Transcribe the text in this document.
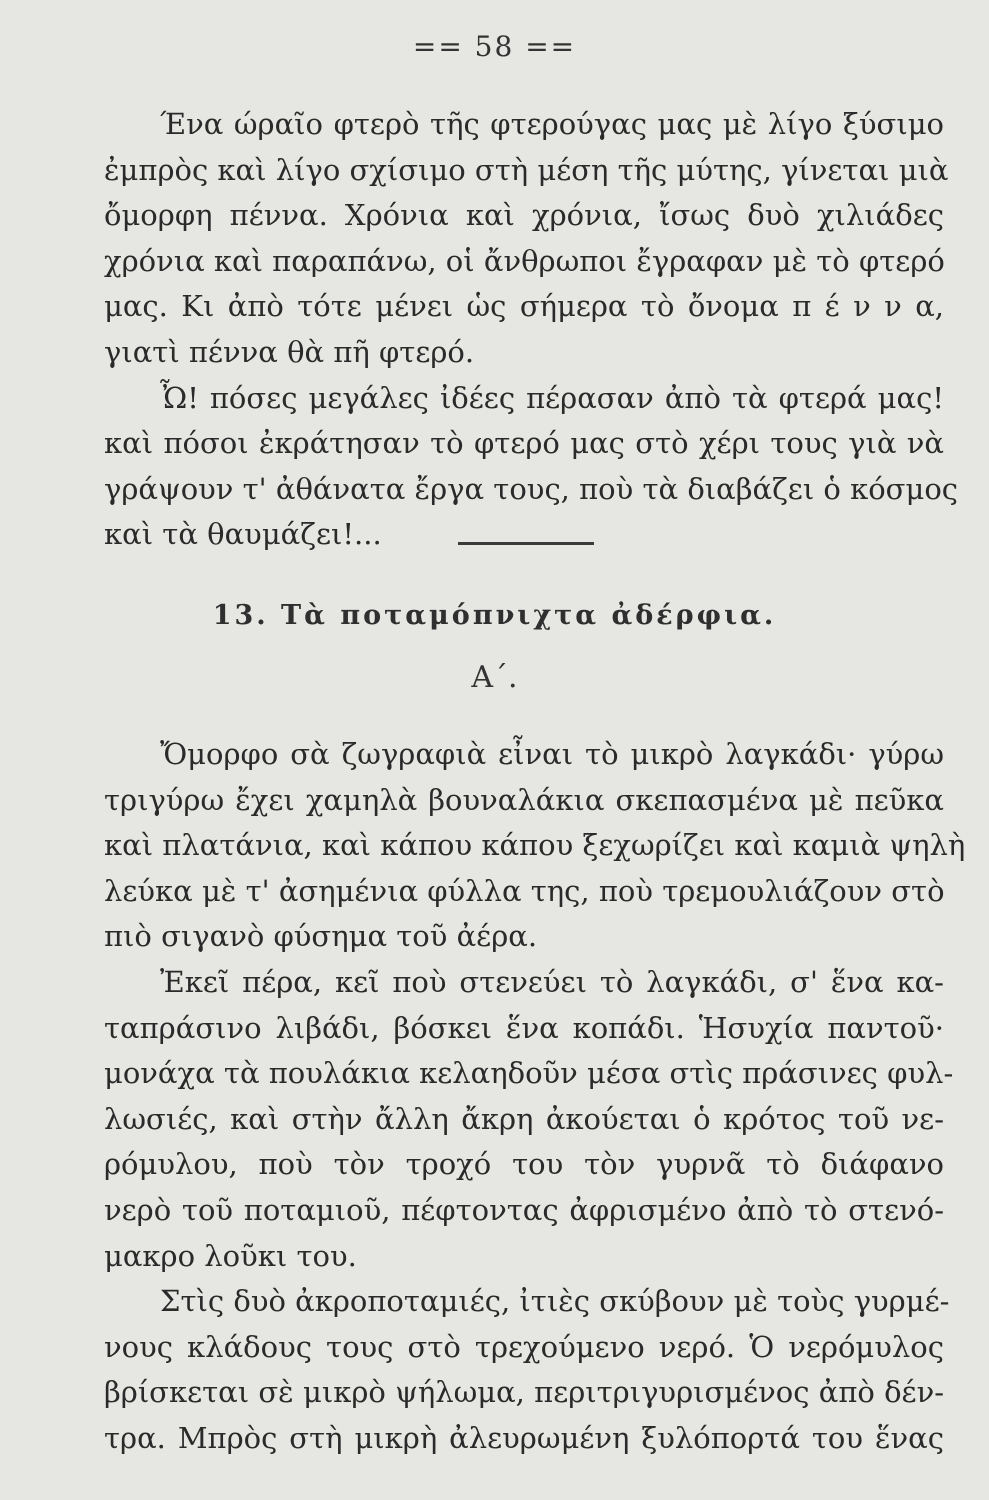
== 58 ==
Ένα ώραῖο φτερὸ τῆς φτερούγας μας μὲ λίγο ξύσιμο
ἐμπρὸς καὶ λίγο σχίσιμο στὴ μέση τῆς μύτης, γίνεται μιὰ
ὄμορφη πέννα. Χρόνια καὶ χρόνια, ἴσως δυὸ χιλιάδες
χρόνια καὶ παραπάνω, οἱ ἄνθρωποι ἔγραφαν μὲ τὸ φτερό
μας. Κι ἀπὸ τότε μένει ὡς σήμερα τὸ ὄνομα π έ ν ν α,
γιατὶ πέννα θὰ πῆ φτερό.
Ὦ! πόσες μεγάλες ἰδέες πέρασαν ἀπὸ τὰ φτερά μας!
καὶ πόσοι ἐκράτησαν τὸ φτερό μας στὸ χέρι τους γιὰ νὰ
γράψουν τ' ἀθάνατα ἔργα τους, ποὺ τὰ διαβάζει ὁ κόσμος
καὶ τὰ θαυμάζει!...
13. Τὰ ποταμόπνιχτα ἀδέρφια.
Α΄.
Ὄμορφο σὰ ζωγραφιὰ εἶναι τὸ μικρὸ λαγκάδι· γύρω
τριγύρω ἔχει χαμηλὰ βουναλάκια σκεπασμένα μὲ πεῦκα
καὶ πλατάνια, καὶ κάπου κάπου ξεχωρίζει καὶ καμιὰ ψηλὴ
λεύκα μὲ τ' ἀσημένια φύλλα της, ποὺ τρεμουλιάζουν στὸ
πιὸ σιγανὸ φύσημα τοῦ ἀέρα.
Ἐκεῖ πέρα, κεῖ ποὺ στενεύει τὸ λαγκάδι, σ' ἕνα κα-
ταπράσινο λιβάδι, βόσκει ἕνα κοπάδι. Ἡσυχία παντοῦ·
μονάχα τὰ πουλάκια κελαηδοῦν μέσα στὶς πράσινες φυλ-
λωσιές, καὶ στὴν ἄλλη ἄκρη ἀκούεται ὁ κρότος τοῦ νε-
ρόμυλου, ποὺ τὸν τροχό του τὸν γυρνᾶ τὸ διάφανο
νερὸ τοῦ ποταμιοῦ, πέφτοντας ἀφρισμένο ἀπὸ τὸ στενό-
μακρο λοῦκι του.
Στὶς δυὸ ἀκροποταμιές, ἰτιὲς σκύβουν μὲ τοὺς γυρμέ-
νους κλάδους τους στὸ τρεχούμενο νερό. Ὁ νερόμυλος
βρίσκεται σὲ μικρὸ ψήλωμα, περιτριγυρισμένος ἀπὸ δέν-
τρα. Μπρὸς στὴ μικρὴ ἀλευρωμένη ξυλόπορτά του ἕνας
